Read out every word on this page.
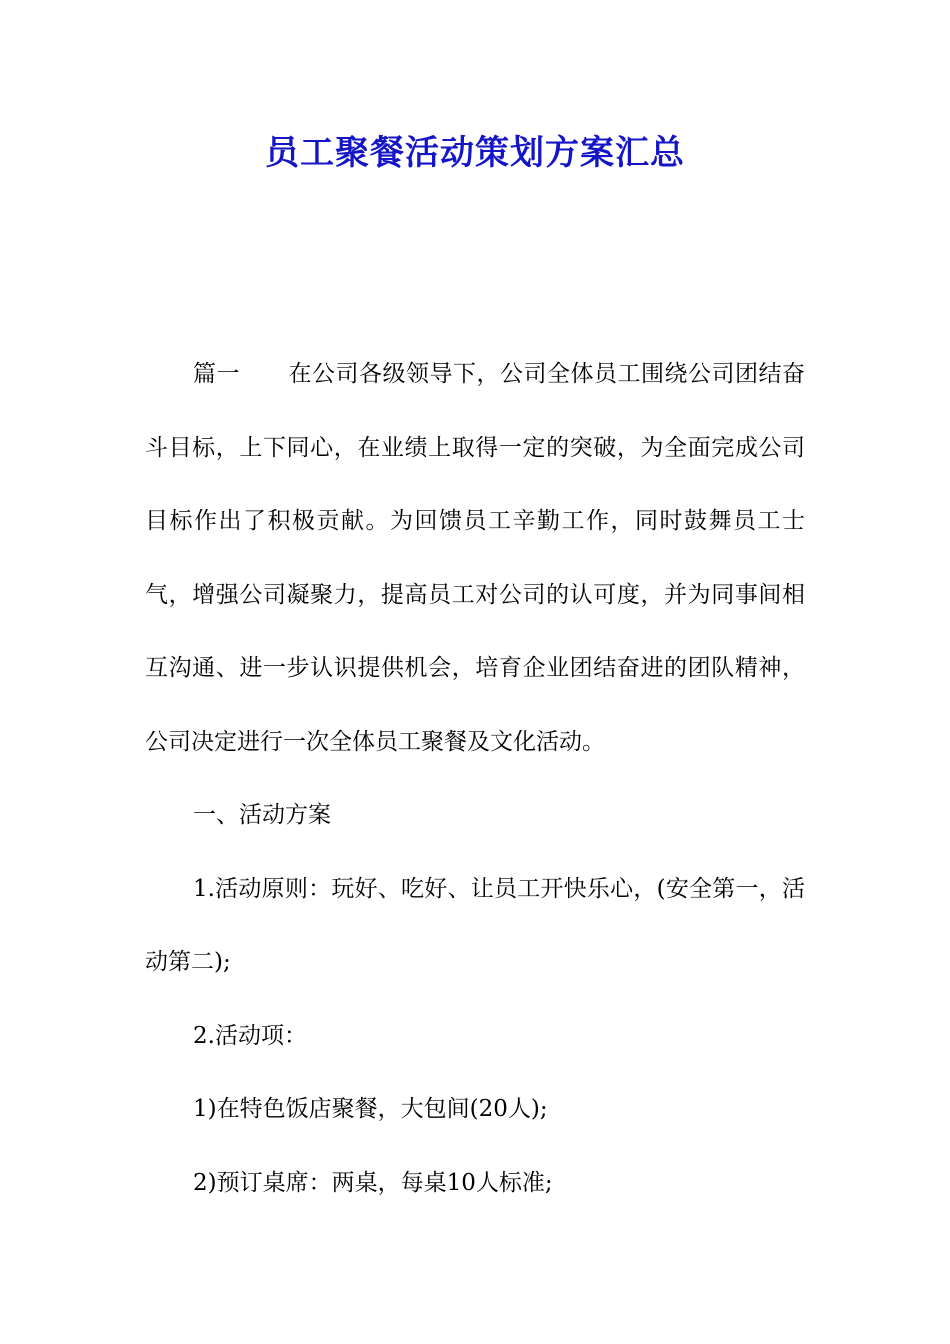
员工聚餐活动策划方案汇总

篇一 在公司各级领导下，公司全体员工围绕公司团结奋斗目标，上下同心，在业绩上取得一定的突破，为全面完成公司目标作出了积极贡献。为回馈员工辛勤工作，同时鼓舞员工士气，增强公司凝聚力，提高员工对公司的认可度，并为同事间相互沟通、进一步认识提供机会，培育企业团结奋进的团队精神，公司决定进行一次全体员工聚餐及文化活动。

一、活动方案

1.活动原则：玩好、吃好、让员工开快乐心，(安全第一，活动第二);

2.活动项：

1)在特色饭店聚餐，大包间(20人);

2)预订桌席：两桌，每桌10人标准;
